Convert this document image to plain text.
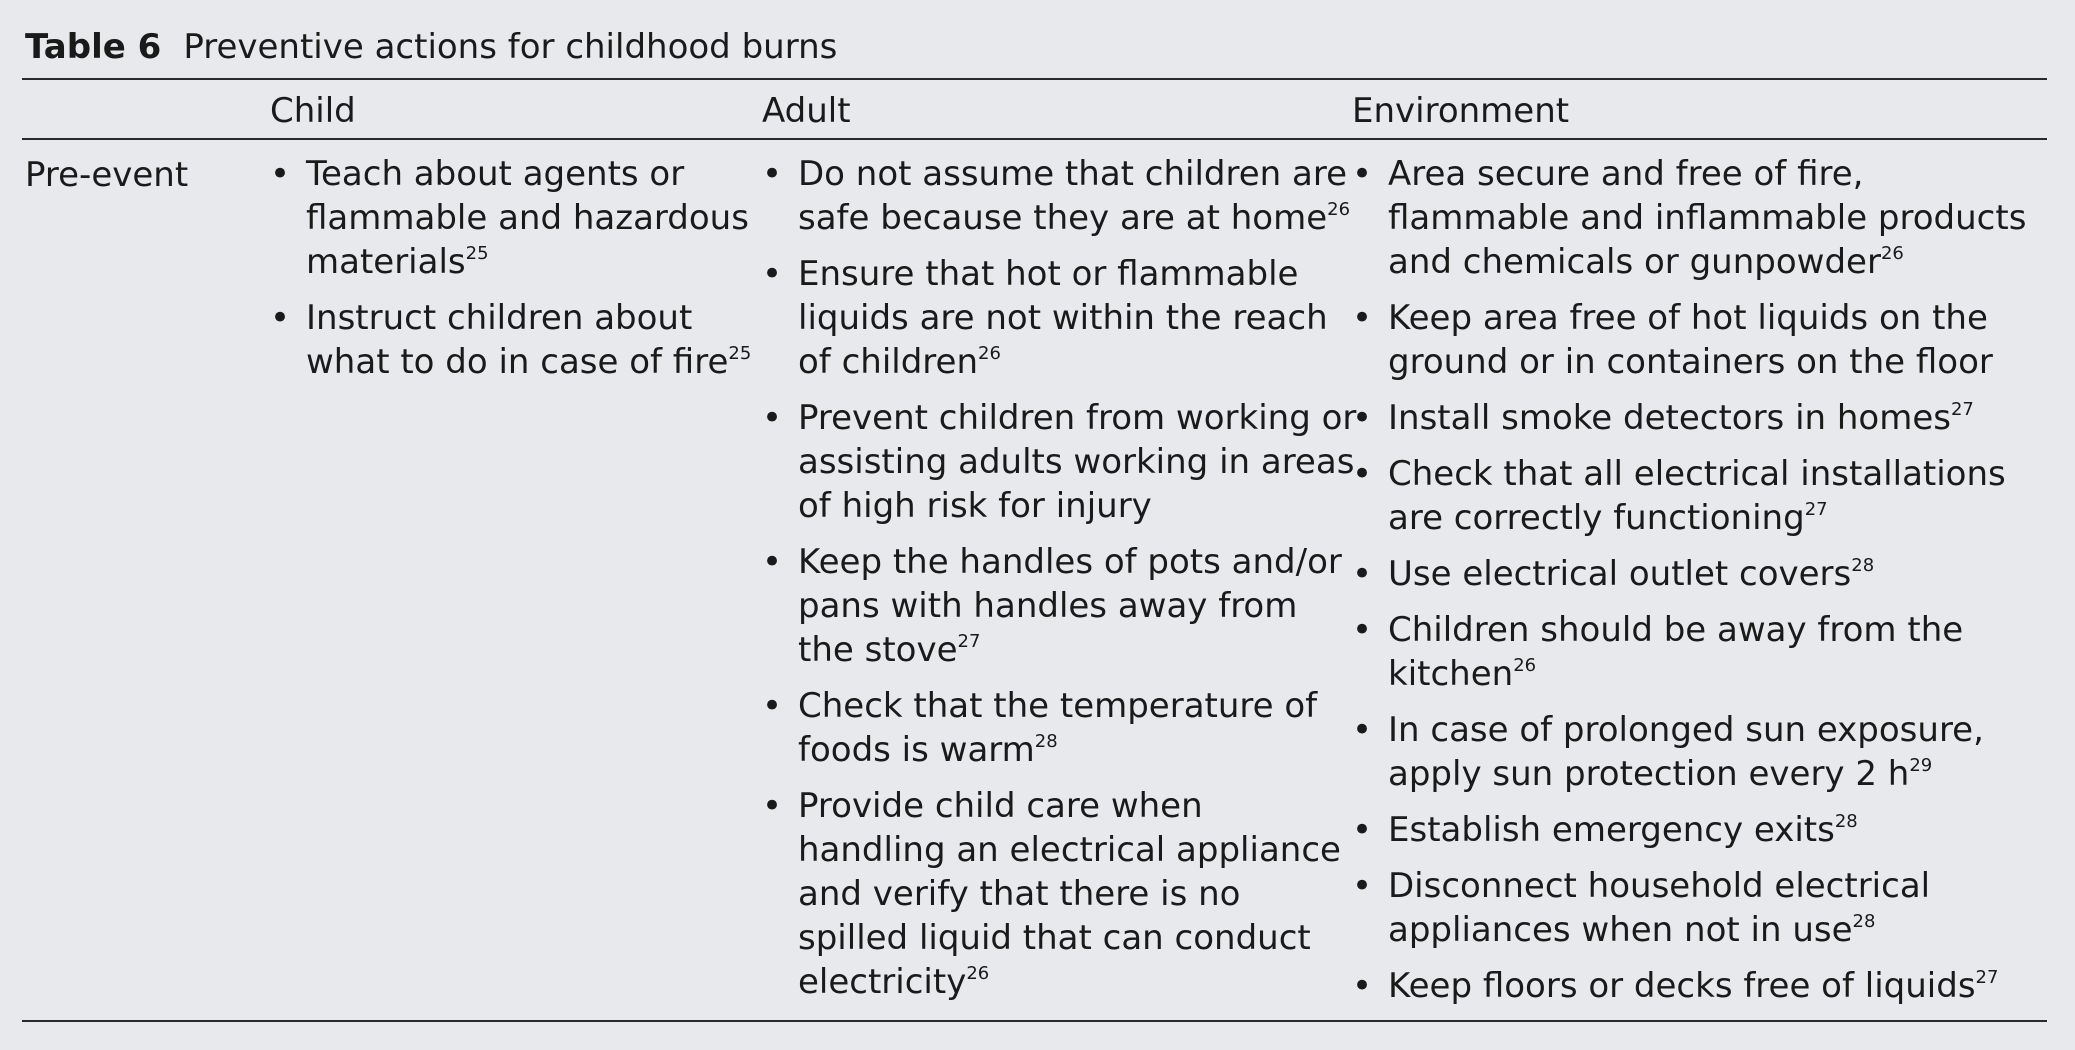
Table 6 Preventive actions for childhood burns
Child	Adult	Environment
Pre-event
•	Teach about agents or flammable and hazardous materials$^{25}$
• Instruct children about what to do in case of fire$^{25}$
• Do not assume that children are safe because they are at home$^{26}$
• Ensure that hot or flammable liquids are not within the reach of children$^{26}$
• Prevent children from working or assisting adults working in areas of high risk for injury
• Keep the handles of pots and/or pans with handles away from the stove$^{27}$
• Check that the temperature of foods is warm$^{28}$
• Provide child care when handling an electrical appliance and verify that there is no spilled liquid that can conduct electricity$^{26}$
• Area secure and free of fire, flammable and inflammable products and chemicals or gunpowder$^{26}$
• Keep area free of hot liquids on the ground or in containers on the floor
• Install smoke detectors in homes$^{27}$
• Check that all electrical installations are correctly functioning$^{27}$
• Use electrical outlet covers$^{28}$
• Children should be away from the kitchen$^{26}$
• In case of prolonged sun exposure, apply sun protection every 2 $h^{29}$
• Establish emergency exits$^{28}$
• Disconnect household electrical appliances when not in use$^{28}$
• Keep floors or decks free of liquids$^{27}$
